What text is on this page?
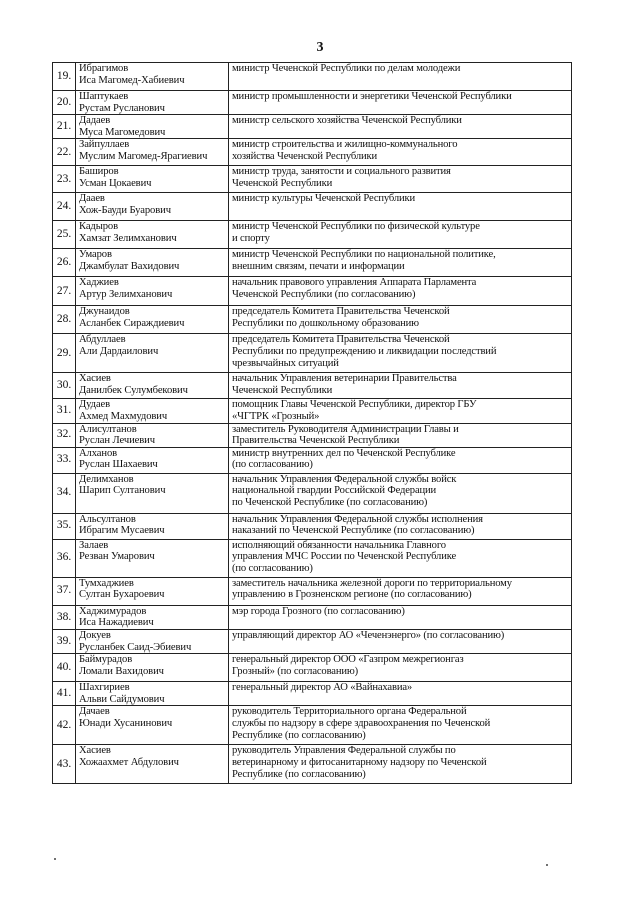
3
19.	Ибрагимов
Иса Магомед-Хабиевич	министр Чеченской Республики по делам молодежи

20.	Шаптукаев
Рустам Русланович	министр промышленности и энергетики Чеченской Республики

21.	Дадаев
Муса Магомедович	министр сельского хозяйства Чеченской Республики

22.	Зайпуллаев
Муслим Магомед-Ярагиевич	министр строительства и жилищно-коммунального
хозяйства Чеченской Республики

23.	Баширов
Усман Цокаевич	министр труда, занятости и социального развития
Чеченской Республики

24.	Дааев
Хож-Бауди Буарович	министр культуры Чеченской Республики

25.	Кадыров
Хамзат Зелимханович	министр Чеченской Республики по физической культуре
и спорту

26.	Умаров
Джамбулат Вахидович	министр Чеченской Республики по национальной политике,
внешним связям, печати и информации

27.	Хаджиев
Артур Зелимханович	начальник правового управления Аппарата Парламента
Чеченской Республики (по согласованию)

28.	Джунаидов
Асланбек Сираждиевич	председатель Комитета Правительства Чеченской
Республики по дошкольному образованию

29.	Абдуллаев
Али Дардаилович	председатель Комитета Правительства Чеченской
Республики по предупреждению и ликвидации последствий
чрезвычайных ситуаций

30.	Хасиев
Данилбек Сулумбекович	начальник Управления ветеринарии Правительства
Чеченской Республики

31.	Дудаев
Ахмед Махмудович	помощник Главы Чеченской Республики, директор ГБУ
«ЧГТРК «Грозный»

32.	Алисултанов
Руслан Лечиевич	заместитель Руководителя Администрации Главы и
Правительства Чеченской Республики

33.	Алханов
Руслан Шахаевич	министр внутренних дел по Чеченской Республике
(по согласованию)

34.	Делимханов
Шарип Султанович	начальник Управления Федеральной службы войск
национальной гвардии Российской Федерации
по Чеченской Республике (по согласованию)

35.	Альсултанов
Ибрагим Мусаевич	начальник Управления Федеральной службы исполнения
наказаний по Чеченской Республике (по согласованию)

36.	Залаев
Резван Умарович	исполняющий обязанности начальника Главного
управления МЧС России по Чеченской Республике
(по согласованию)

37.	Тумхаджиев
Султан Бухароевич	заместитель начальника железной дороги по территориальному
управлению в Грозненском регионе (по согласованию)

38.	Хаджимурадов
Иса Нажадиевич	мэр города Грозного (по согласованию)

39.	Докуев
Русланбек Саид-Эбиевич	управляющий директор АО «Чеченэнерго» (по согласованию)

40.	Баймурадов
Ломали Вахидович	генеральный директор ООО «Газпром межрегионгаз
Грозный» (по согласованию)

41.	Шахгириев
Альви Сайдумович	генеральный директор АО «Вайнахавиа»

42.	Дачаев
Юнади Хусанинович	руководитель Территориального органа Федеральной
службы по надзору в сфере здравоохранения по Чеченской
Республике (по согласованию)

43.	Хасиев
Хожаахмет Абдулович	руководитель Управления Федеральной службы по
ветеринарному и фитосанитарному надзору по Чеченской
Республике (по согласованию)
